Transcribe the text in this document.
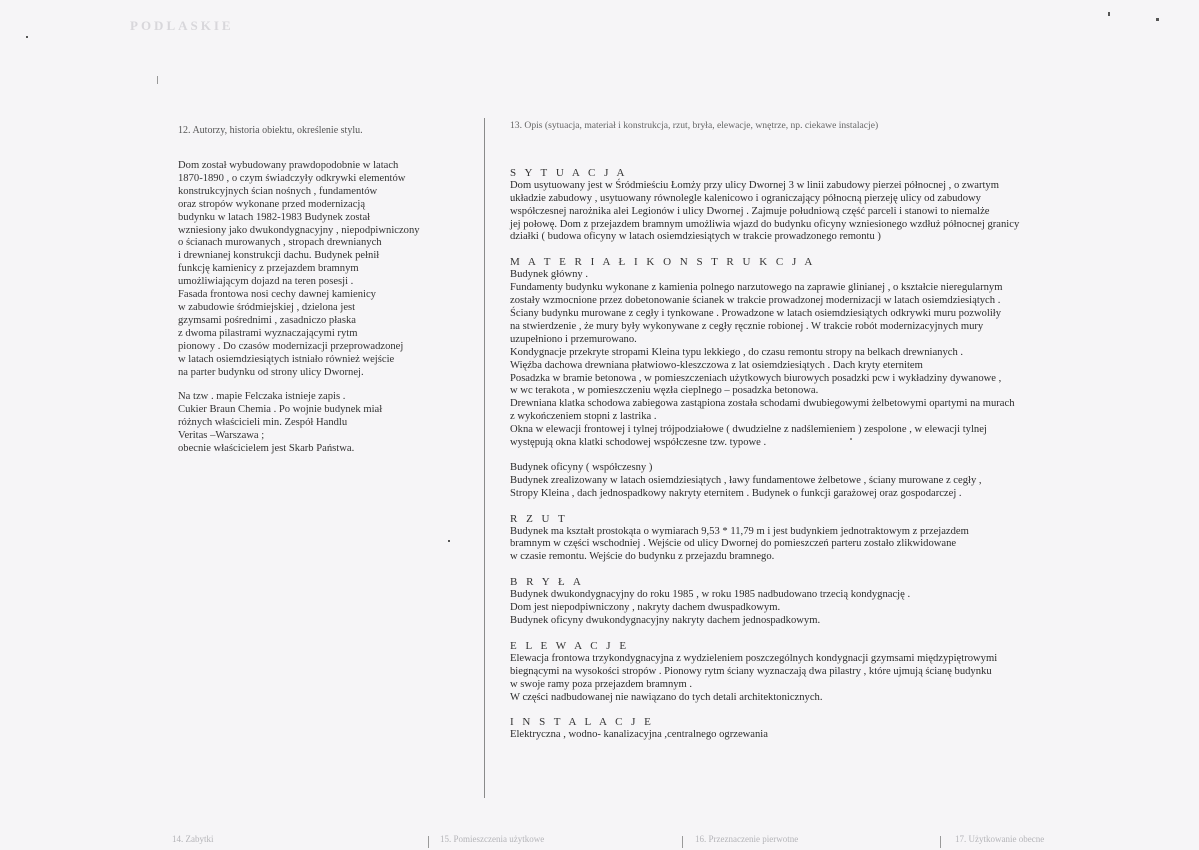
PODLASKIE
12. Autorzy, historia obiektu, określenie stylu.
Dom został wybudowany prawdopodobnie w latach
1870-1890 , o czym świadczyły odkrywki elementów
konstrukcyjnych ścian nośnych , fundamentów
oraz stropów wykonane przed modernizacją
budynku w latach 1982-1983 Budynek został
wzniesiony jako dwukondygnacyjny , niepodpiwniczony
o ścianach murowanych , stropach drewnianych
i drewnianej konstrukcji dachu. Budynek pełnił
funkcję kamienicy z przejazdem bramnym
umożliwiającym dojazd na teren posesji .
Fasada frontowa nosi cechy dawnej kamienicy
w zabudowie śródmiejskiej , dzielona jest
gzymsami pośrednimi , zasadniczo płaska
z dwoma pilastrami wyznaczającymi rytm
pionowy . Do czasów modernizacji przeprowadzonej
w latach osiemdziesiątych istniało również wejście
na parter budynku od strony ulicy Dwornej.
Na tzw . mapie Felczaka istnieje zapis .
Cukier Braun Chemia . Po wojnie budynek miał
różnych właścicieli min. Zespół Handlu
Veritas –Warszawa ;
obecnie właścicielem jest Skarb Państwa.
13. Opis (sytuacja, materiał i konstrukcja, rzut, bryła, elewacje, wnętrze, np. ciekawe instalacje)
S Y T U A C J A
Dom usytuowany jest w Śródmieściu Łomży przy ulicy Dwornej 3 w linii zabudowy pierzei północnej , o zwartym
układzie zabudowy , usytuowany równolegle kalenicowo i ograniczający północną pierzeję ulicy od zabudowy
współczesnej narożnika alei Legionów i ulicy Dwornej . Zajmuje południową część parceli i stanowi to niemalże
jej połowę. Dom z przejazdem bramnym umożliwia wjazd do budynku oficyny wzniesionego wzdłuż północnej granicy
działki ( budowa oficyny w latach osiemdziesiątych w trakcie prowadzonego remontu )
M A T E R I A Ł I K O N S T R U K C J A
Budynek główny .
Fundamenty budynku wykonane z kamienia polnego narzutowego na zaprawie glinianej , o kształcie nieregularnym
zostały wzmocnione przez dobetonowanie ścianek w trakcie prowadzonej modernizacji w latach osiemdziesiątych .
Ściany budynku murowane z cegły i tynkowane . Prowadzone w latach osiemdziesiątych odkrywki muru pozwoliły
na stwierdzenie , że mury były wykonywane z cegły ręcznie robionej . W trakcie robót modernizacyjnych mury
uzupełniono i przemurowano.
Kondygnacje przekryte stropami Kleina typu lekkiego , do czasu remontu stropy na belkach drewnianych .
Więźba dachowa drewniana płatwiowo-kleszczowa z lat osiemdziesiątych . Dach kryty eternitem
Posadzka w bramie betonowa , w pomieszczeniach użytkowych biurowych posadzki pcw i wykładziny dywanowe ,
w wc terakota , w pomieszczeniu węzła cieplnego – posadzka betonowa.
Drewniana klatka schodowa zabiegowa zastąpiona została schodami dwubiegowymi żelbetowymi opartymi na murach
z wykończeniem stopni z lastrika .
Okna w elewacji frontowej i tylnej trójpodziałowe ( dwudzielne z nadślemieniem ) zespolone , w elewacji tylnej
występują okna klatki schodowej współczesne tzw. typowe .
Budynek oficyny ( współczesny )
Budynek zrealizowany w latach osiemdziesiątych , ławy fundamentowe żelbetowe , ściany murowane z cegły ,
Stropy Kleina , dach jednospadkowy nakryty eternitem . Budynek o funkcji garażowej oraz gospodarczej .
R Z U T
Budynek ma kształt prostokąta o wymiarach 9,53 * 11,79 m i jest budynkiem jednotraktowym z przejazdem
bramnym w części wschodniej . Wejście od ulicy Dwornej do pomieszczeń parteru zostało zlikwidowane
w czasie remontu. Wejście do budynku z przejazdu bramnego.
B R Y Ł A
Budynek dwukondygnacyjny do roku 1985 , w roku 1985 nadbudowano trzecią kondygnację .
Dom jest niepodpiwniczony , nakryty dachem dwuspadkowym.
Budynek oficyny dwukondygnacyjny nakryty dachem jednospadkowym.
E L E W A C J E
Elewacja frontowa trzykondygnacyjna z wydzieleniem poszczególnych kondygnacji gzymsami międzypiętrowymi
biegnącymi na wysokości stropów . Pionowy rytm ściany wyznaczają dwa pilastry , które ujmują ścianę budynku
w swoje ramy poza przejazdem bramnym .
W części nadbudowanej nie nawiązano do tych detali architektonicznych.
I N S T A L A C J E
Elektryczna , wodno- kanalizacyjna ,centralnego ogrzewania
14. Zabytki	15. Pomieszczenia użytkowe	16. Przeznaczenie pierwotne	17. Użytkowanie obecne
